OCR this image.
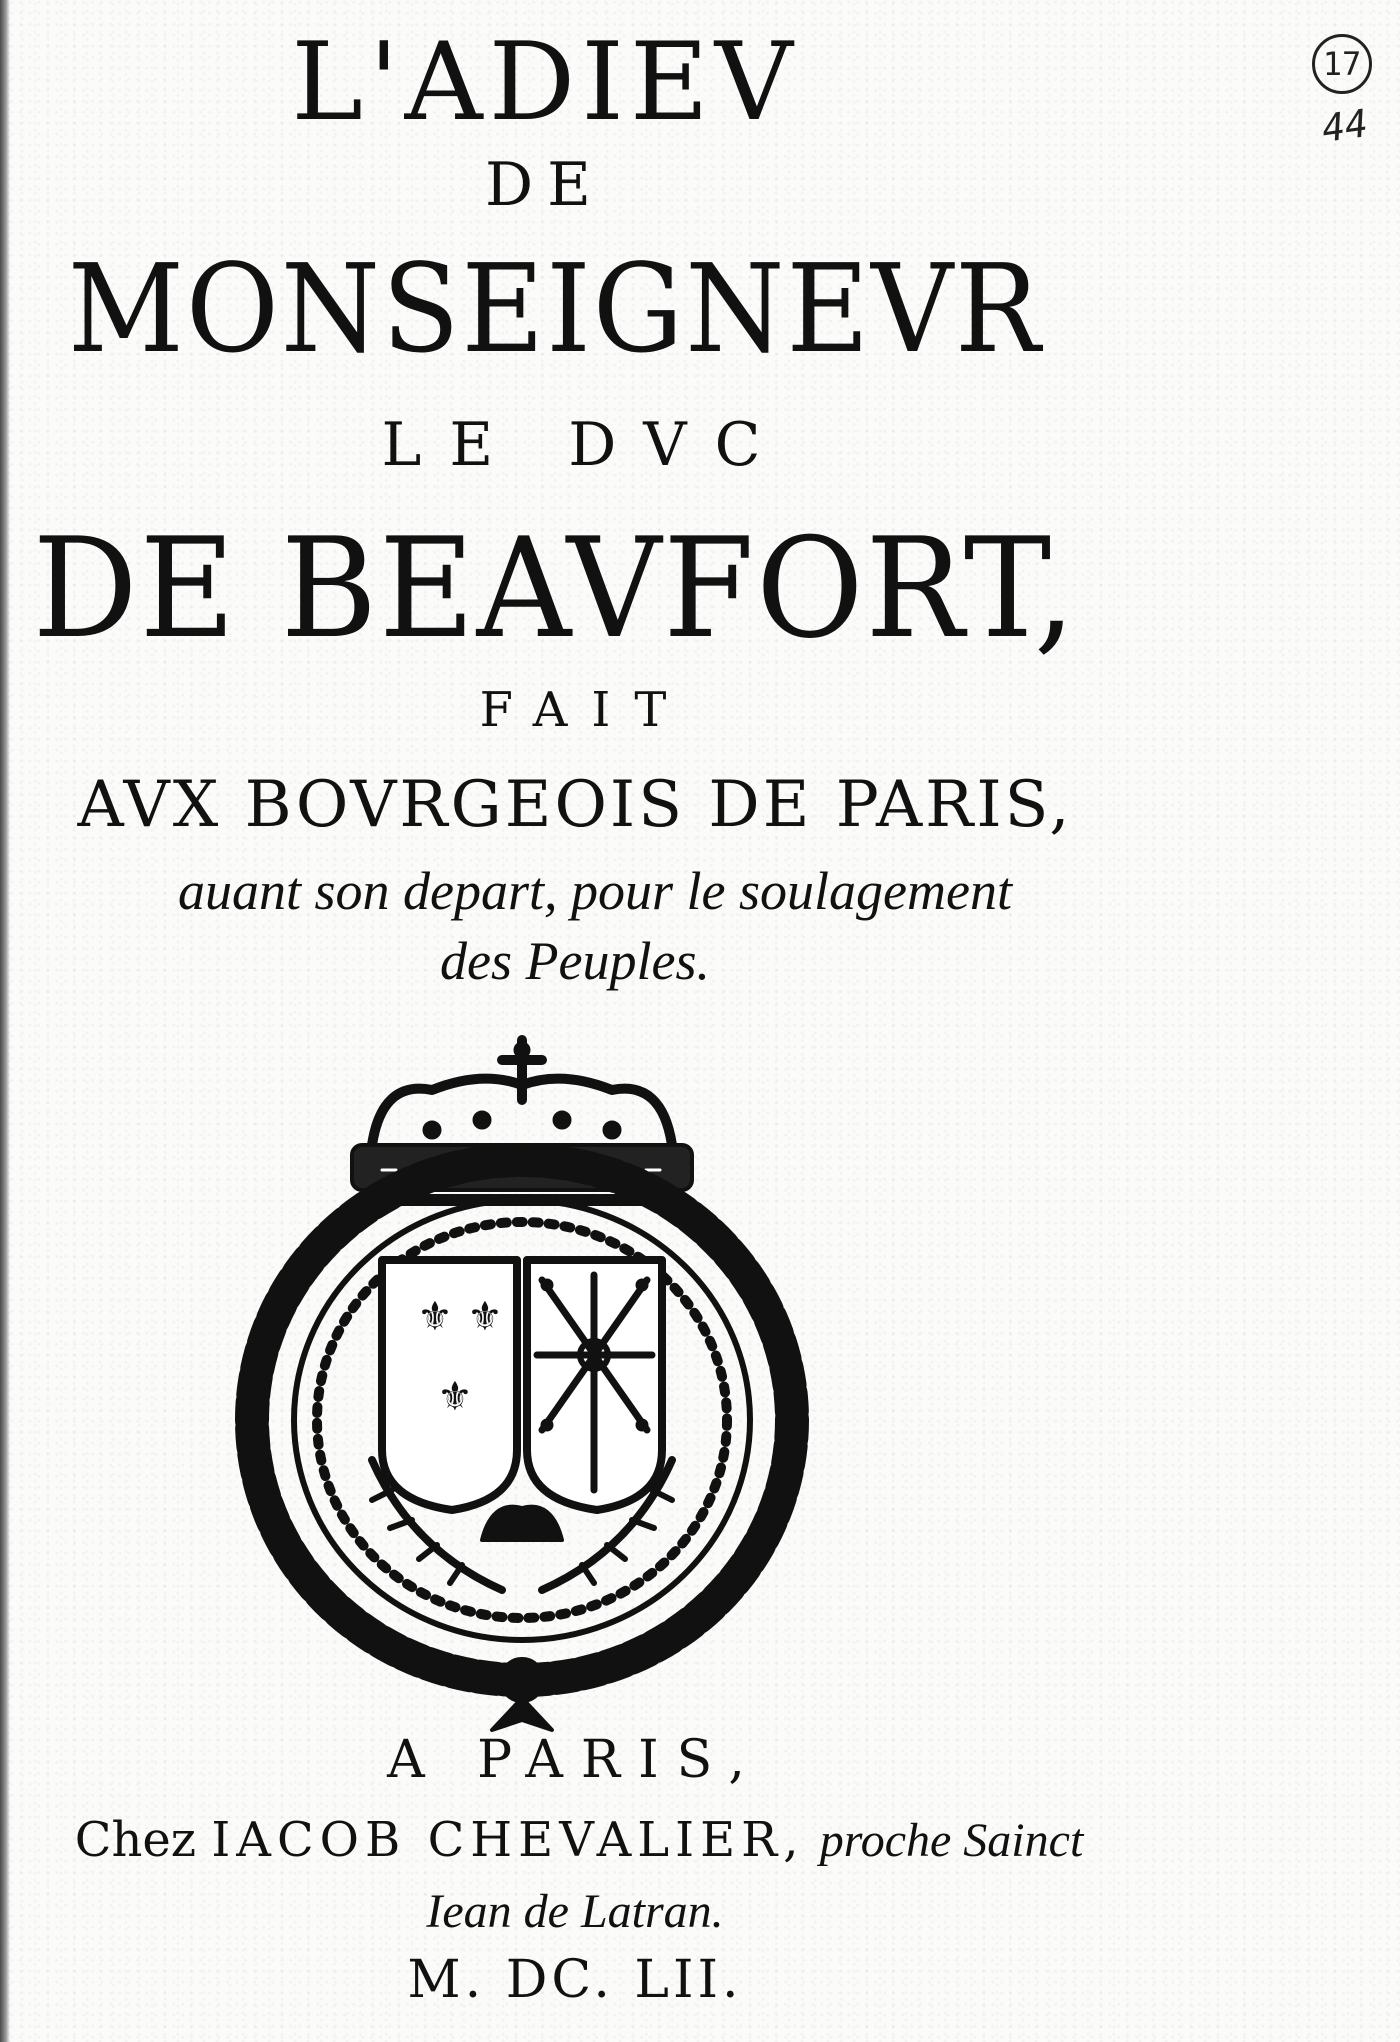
L'ADIEV
DE
MONSEIGNEVR
LE DVC
DE BEAVFORT,
FAIT
AVX BOVRGEOIS DE PARIS,
auant son depart, pour le soulagement
des Peuples.
⚜ ⚜
⚜
A PARIS,
Chez IACOB CHEVALIER, proche Sainct
Iean de Latran.
M. DC. LII.
17
44
